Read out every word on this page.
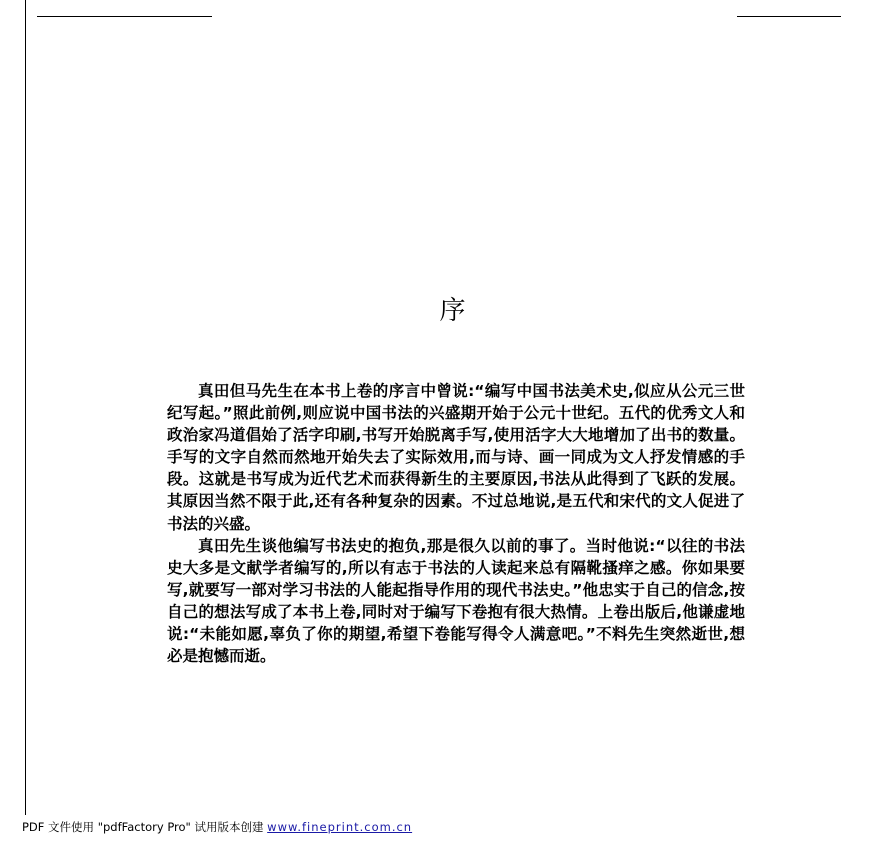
序

真田但马先生在本书上卷的序言中曾说:“编写中国书法美术史,似应从公元三世纪写起。”照此前例,则应说中国书法的兴盛期开始于公元十世纪。五代的优秀文人和政治家冯道倡始了活字印刷,书写开始脱离手写,使用活字大大地增加了出书的数量。手写的文字自然而然地开始失去了实际效用,而与诗、画一同成为文人抒发情感的手段。这就是书写成为近代艺术而获得新生的主要原因,书法从此得到了飞跃的发展。其原因当然不限于此,还有各种复杂的因素。不过总地说,是五代和宋代的文人促进了书法的兴盛。

真田先生谈他编写书法史的抱负,那是很久以前的事了。当时他说:“以往的书法史大多是文献学者编写的,所以有志于书法的人读起来总有隔靴搔痒之感。你如果要写,就要写一部对学习书法的人能起指导作用的现代书法史。”他忠实于自己的信念,按自己的想法写成了本书上卷,同时对于编写下卷抱有很大热情。上卷出版后,他谦虚地说:“未能如愿,辜负了你的期望,希望下卷能写得令人满意吧。”不料先生突然逝世,想必是抱憾而逝。

PDF 文件使用 "pdfFactory Pro" 试用版本创建 www.fineprint.com.cn
